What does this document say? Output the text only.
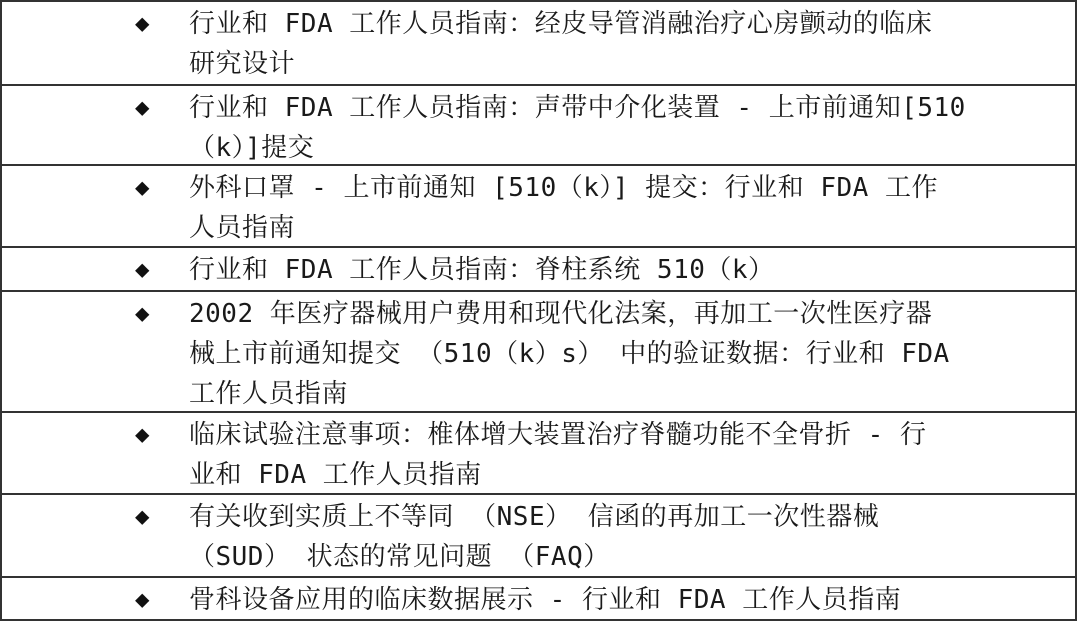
◆ 行业和 FDA 工作人员指南：经皮导管消融治疗心房颤动的临床
研究设计
◆ 行业和 FDA 工作人员指南：声带中介化装置 - 上市前通知[510
（k）]提交
◆ 外科口罩 - 上市前通知 [510（k）] 提交：行业和 FDA 工作
人员指南
◆ 行业和 FDA 工作人员指南：脊柱系统 510（k）
◆ 2002 年医疗器械用户费用和现代化法案，再加工一次性医疗器
械上市前通知提交 （510（k）s） 中的验证数据：行业和 FDA
工作人员指南
◆ 临床试验注意事项：椎体增大装置治疗脊髓功能不全骨折 - 行
业和 FDA 工作人员指南
◆ 有关收到实质上不等同 （NSE） 信函的再加工一次性器械
（SUD） 状态的常见问题 （FAQ）
◆ 骨科设备应用的临床数据展示 - 行业和 FDA 工作人员指南
